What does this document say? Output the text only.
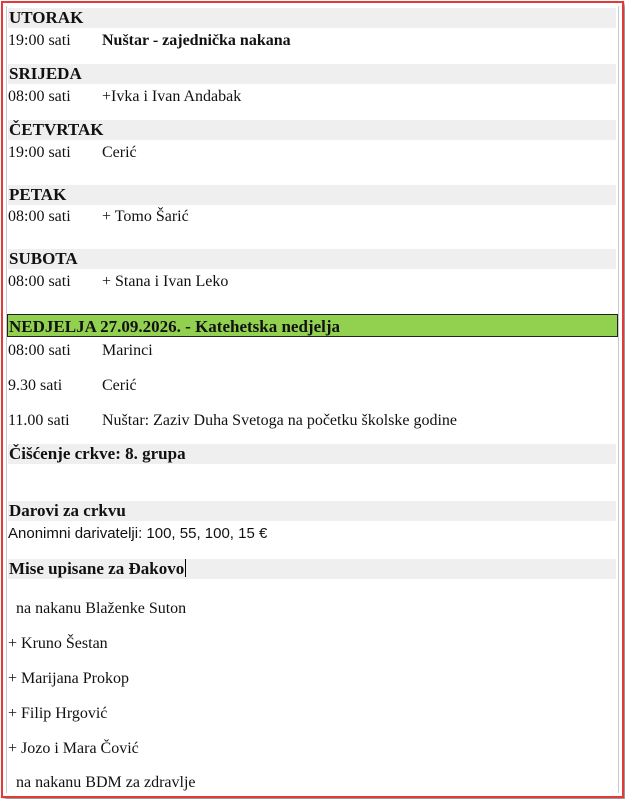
UTORAK
19:00 sati Nuštar - zajednička nakana
SRIJEDA
08:00 sati +Ivka i Ivan Andabak
ČETVRTAK
19:00 sati Cerić
PETAK
08:00 sati + Tomo Šarić
SUBOTA
08:00 sati + Stana i Ivan Leko
NEDJELJA 27.09.2026. - Katehetska nedjelja
08:00 sati Marinci
9.30 sati Cerić
11.00 sati Nuštar: Zaziv Duha Svetoga na početku školske godine
Čišćenje crkve: 8. grupa
Darovi za crkvu
Anonimni darivatelji: 100, 55, 100, 15 €
Mise upisane za Đakovo
na nakanu Blaženke Suton
+ Kruno Šestan
+ Marijana Prokop
+ Filip Hrgović
+ Jozo i Mara Čović
na nakanu BDM za zdravlje
